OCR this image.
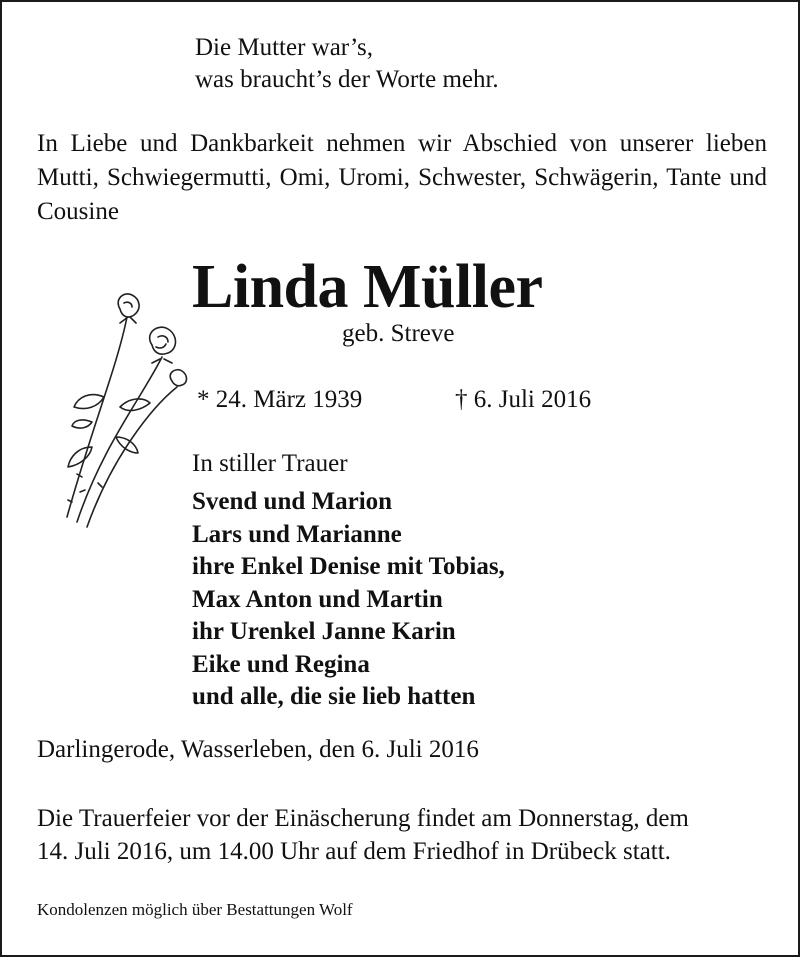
Die Mutter war’s,
was braucht’s der Worte mehr.

In Liebe und Dankbarkeit nehmen wir Abschied von unserer lieben Mutti, Schwiegermutti, Omi, Uromi, Schwester, Schwägerin, Tante und Cousine

Linda Müller
geb. Streve
* 24. März 1939	† 6. Juli 2016
In stiller Trauer
Svend und Marion
Lars und Marianne
ihre Enkel Denise mit Tobias,
Max Anton und Martin
ihr Urenkel Janne Karin
Eike und Regina
und alle, die sie lieb hatten
Darlingerode, Wasserleben, den 6. Juli 2016
Die Trauerfeier vor der Einäscherung findet am Donnerstag, dem
14. Juli 2016, um 14.00 Uhr auf dem Friedhof in Drübeck statt.
Kondolenzen möglich über Bestattungen Wolf
